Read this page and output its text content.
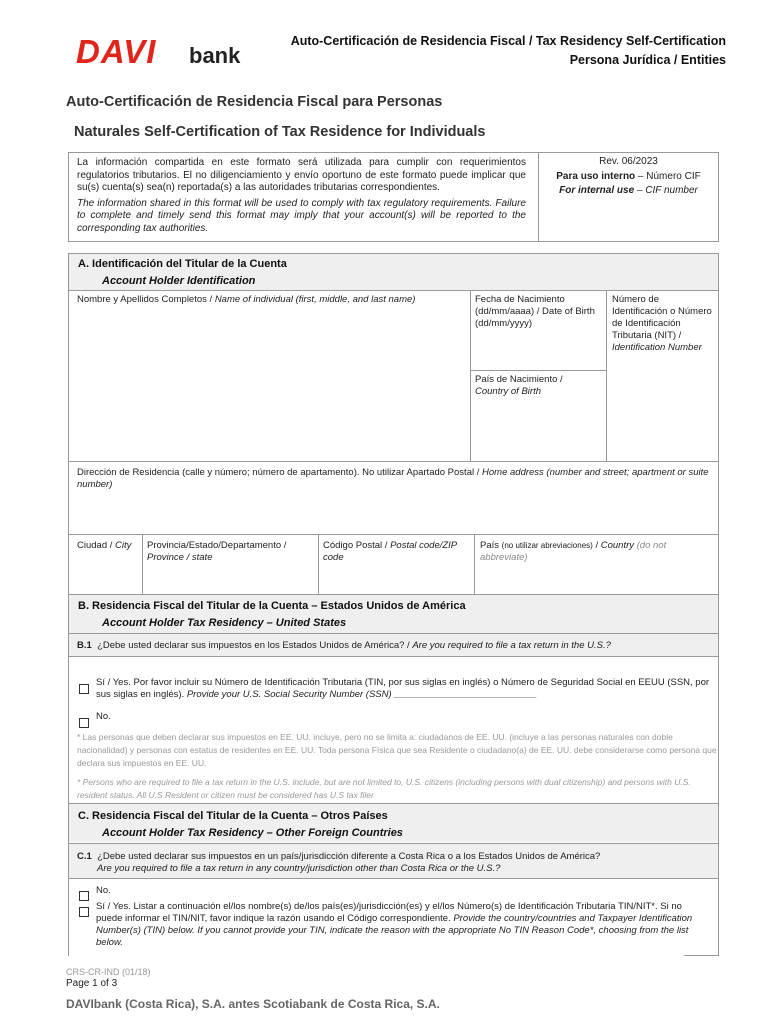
DAVI bank
Auto-Certificación de Residencia Fiscal / Tax Residency Self-Certification
Persona Jurídica / Entities
Auto-Certificación de Residencia Fiscal para Personas
Naturales Self-Certification of Tax Residence for Individuals
La información compartida en este formato será utilizada para cumplir con requerimientos regulatorios tributarios. El no diligenciamiento y envío oportuno de este formato puede implicar que su(s) cuenta(s) sea(n) reportada(s) a las autoridades tributarias correspondientes.
The information shared in this format will be used to comply with tax regulatory requirements. Failure to complete and timely send this format may imply that your account(s) will be reported to the corresponding tax authorities.
Rev. 06/2023
Para uso interno – Número CIF
For internal use – CIF number
A. Identificación del Titular de la Cuenta
Account Holder Identification
Nombre y Apellidos Completos / Name of individual (first, middle, and last name)	Fecha de Nacimiento
(dd/mm/aaaa) / Date of Birth
(dd/mm/yyyy)
Número de Identificación o Número de Identificación Tributaria (NIT) /
Identification Number
País de Nacimiento /
Country of Birth
Dirección de Residencia (calle y número; número de apartamento). No utilizar Apartado Postal / Home address (number and street; apartment or suite number)
Ciudad / City	Provincia/Estado/Departamento / Province / state
Código Postal / Postal code/ZIP code
País (no utilizar abreviaciones) / Country (do not abbreviate)
B. Residencia Fiscal del Titular de la Cuenta – Estados Unidos de América
Account Holder Tax Residency – United States
B.1 ¿Debe usted declarar sus impuestos en los Estados Unidos de América? / Are you required to file a tax return in the U.S.?
Sí / Yes. Por favor incluir su Número de Identificación Tributaria (TIN, por sus siglas en inglés) o Número de Seguridad Social en EEUU (SSN, por sus siglas en inglés). Provide your U.S. Social Security Number (SSN) ___________________________
No.
* Las personas que deben declarar sus impuestos en EE. UU. incluye, pero no se limita a: ciudadanos de EE. UU. (incluye a las personas naturales con doble nacionalidad) y personas con estatus de residentes en EE. UU. Toda persona Física que sea Residente o ciudadano(a) de EE. UU. debe considerarse como persona que declara sus impuestos en EE. UU.
* Persons who are required to file a tax return in the U.S. include, but are not limited to, U.S. citizens (including persons with dual citizenship) and persons with U.S. resident status. All U.S Resident or citizen must be considered has U.S tax filer
C. Residencia Fiscal del Titular de la Cuenta – Otros Países
Account Holder Tax Residency – Other Foreign Countries
C.1 ¿Debe usted declarar sus impuestos en un país/jurisdicción diferente a Costa Rica o a los Estados Unidos de América?
Are you required to file a tax return in any country/jurisdiction other than Costa Rica or the U.S.?
No.
Sí / Yes. Listar a continuación el/los nombre(s) de/los país(es)/jurisdicción(es) y el/los Número(s) de Identificación Tributaria TIN/NIT*. Si no puede informar el TIN/NIT, favor indique la razón usando el Código correspondiente. Provide the country/countries and Taxpayer Identification Number(s) (TIN) below. If you cannot provide your TIN, indicate the reason with the appropriate No TIN Reason Code*, choosing from the list below.
CRS-CR-IND (01/18)
Page 1 of 3
DAVIbank (Costa Rica), S.A. antes Scotiabank de Costa Rica, S.A.
